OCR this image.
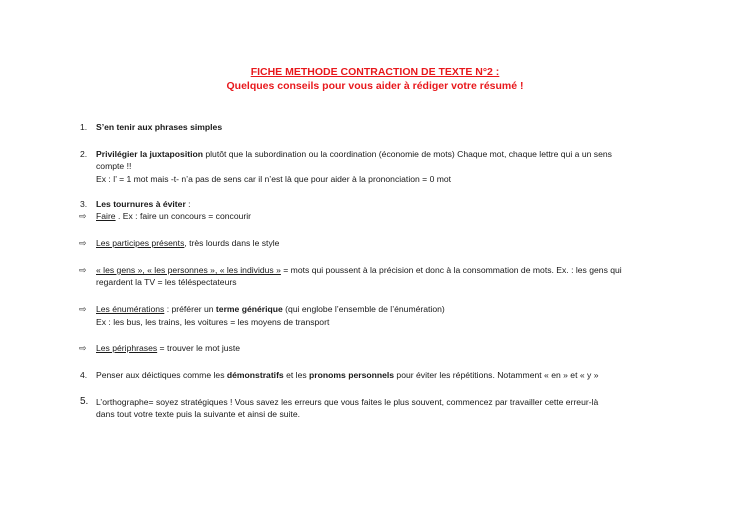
FICHE METHODE CONTRACTION DE TEXTE N°2 :
Quelques conseils pour vous aider à rédiger votre résumé !
1. S’en tenir aux phrases simples
2. Privilégier la juxtaposition plutôt que la subordination ou la coordination (économie de mots) Chaque mot, chaque lettre qui a un sens
compte !!
Ex : l’ = 1 mot mais -t- n’a pas de sens car il n’est là que pour aider à la prononciation = 0 mot
3. Les tournures à éviter :
⇨ Faire . Ex : faire un concours = concourir
⇨ Les participes présents, très lourds dans le style
⇨ « les gens », « les personnes », « les individus » = mots qui poussent à la précision et donc à la consommation de mots. Ex. : les gens qui
regardent la TV = les téléspectateurs
⇨ Les énumérations : préférer un terme générique (qui englobe l’ensemble de l’énumération)
Ex : les bus, les trains, les voitures = les moyens de transport
⇨ Les périphrases = trouver le mot juste
4. Penser aux déictiques comme les démonstratifs et les pronoms personnels pour éviter les répétitions. Notamment « en » et « y »
5. L’orthographe= soyez stratégiques ! Vous savez les erreurs que vous faites le plus souvent, commencez par travailler cette erreur-là
dans tout votre texte puis la suivante et ainsi de suite.
